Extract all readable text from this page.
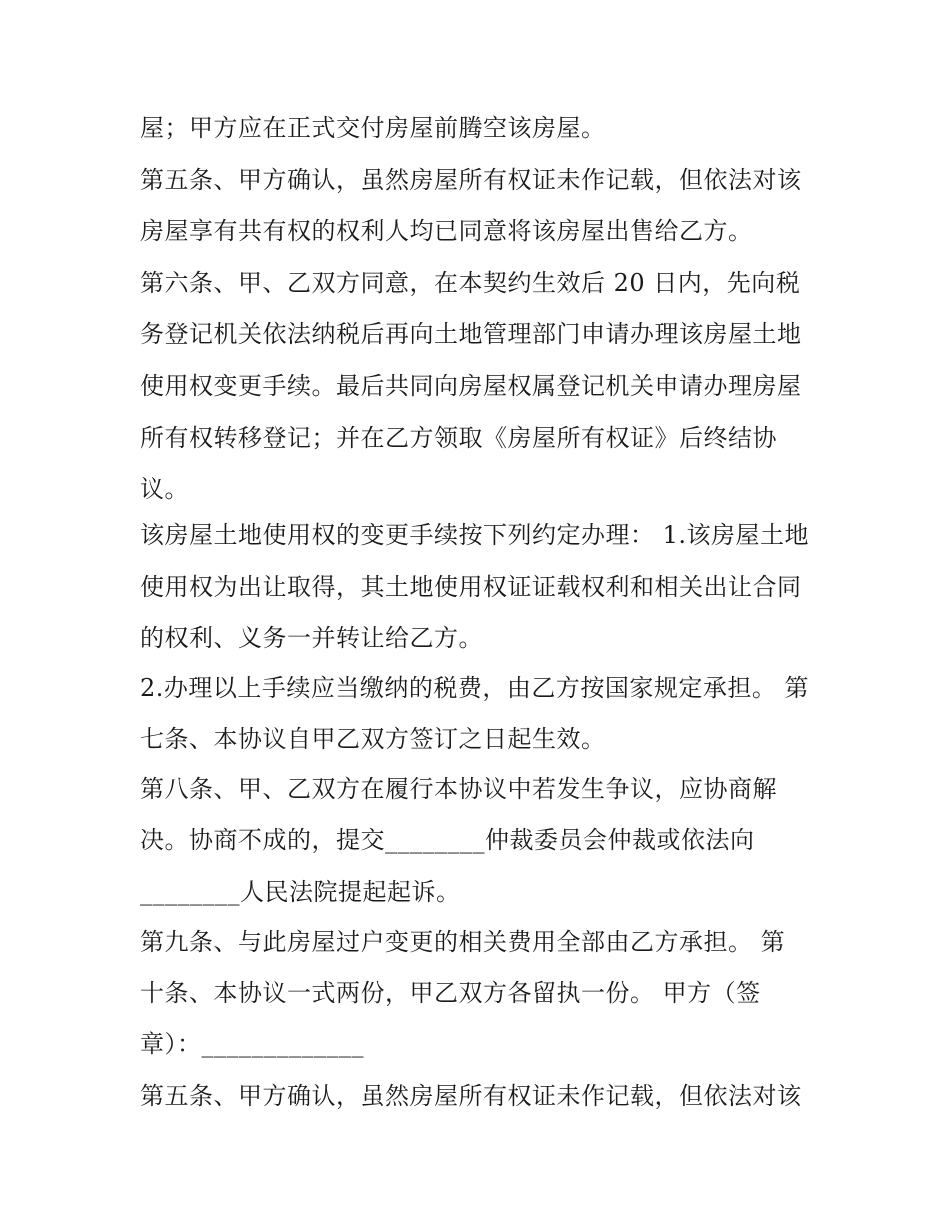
屋；甲方应在正式交付房屋前腾空该房屋。
第五条、甲方确认，虽然房屋所有权证未作记载，但依法对该
房屋享有共有权的权利人均已同意将该房屋出售给乙方。
第六条、甲、乙双方同意，在本契约生效后 20 日内，先向税
务登记机关依法纳税后再向土地管理部门申请办理该房屋土地
使用权变更手续。最后共同向房屋权属登记机关申请办理房屋
所有权转移登记；并在乙方领取《房屋所有权证》后终结协
议。
该房屋土地使用权的变更手续按下列约定办理： 1.该房屋土地
使用权为出让取得，其土地使用权证证载权利和相关出让合同
的权利、义务一并转让给乙方。
2.办理以上手续应当缴纳的税费，由乙方按国家规定承担。 第
七条、本协议自甲乙双方签订之日起生效。
第八条、甲、乙双方在履行本协议中若发生争议，应协商解
决。协商不成的，提交________仲裁委员会仲裁或依法向
________人民法院提起起诉。
第九条、与此房屋过户变更的相关费用全部由乙方承担。 第
十条、本协议一式两份，甲乙双方各留执一份。 甲方（签
章）：_____________
第五条、甲方确认，虽然房屋所有权证未作记载，但依法对该
